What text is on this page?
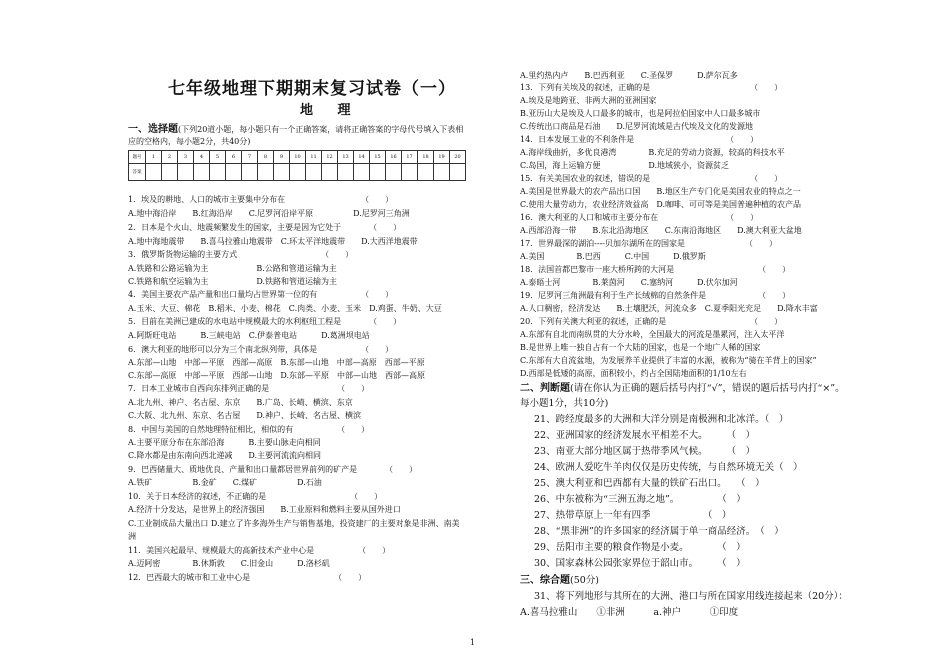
七年级地理下期期末复习试卷（一）
地 理
一、选择题(下列20道小题，每小题只有一个正确答案，请将正确答案的字母代号填入下表相
应的空格内，每小题2分，共40分)
题号	1	2	3	4	5	6	7	8	9	10	11	12	13	14	15	16	17	18	19	20
答案																				
1．埃及的耕地、人口的城市主要集中分布在　　　　　　　　　　（　　）
A.地中海沿岸　　B.红海沿岸　　C.尼罗河沿岸平原　　　　　D.尼罗河三角洲
2．日本是个火山、地震频繁发生的国家，主要是因为它处于　　　　（　　）
A.地中海地震带　　B.喜马拉雅山地震带　C.环太平洋地震带　　D.大西洋地震带
3．俄罗斯货物运输的主要方式　　　　　　　　　　　（　　）
A.铁路和公路运输为主　　　　　　B.公路和管道运输为主
C.铁路和航空运输为主　　　　　　D.铁路和管道运输为主
4．美国主要农产品产量和出口量均占世界第一位的有　　　　　　（　　）
A.玉米、大豆、棉花　B.稻米、小麦、棉花　C.肉类、小麦、玉米　D.鸡蛋、牛奶、大豆
5．目前在美洲已建成的水电站中规模最大的水利枢纽工程是　　　　（　　）
A.阿斯旺电站　　　B.三峡电站　C.伊泰普电站　　　D.葛洲坝电站
6．澳大利亚的地形可以分为三个南北纵列带，具体是　　　　　　（　　）
A.东部—山地　中部—平原　西部—高原　B.东部—山地　中部—高原　西部—平原
C.东部—高原　中部—平原　西部—山地　D.东部—平原　中部—山地　西部—高原
7．日本工业城市自西向东排列正确的是　　　　　　　　　（　　）
A.北九州、神户、名古屋、东京　　B.广岛、长崎、横滨、东京
C.大阪、北九州、东京、名古屋　　D.神户、长崎、名古屋、横滨
8．中国与美国的自然地理特征相比，相似的有　　　　　　（　　）
A.主要平原分布在东部沿海　　　B.主要山脉走向相同
C.降水都是由东南向西北递减　　D.主要河流流向相同
9．巴西储量大、质地优良、产量和出口量都居世界前列的矿产是　　　　（　　）
A.铁矿　　　　　B.金矿　　C.煤矿　　　　　D.石油
10．关于日本经济的叙述，不正确的是　　　　　　　　　　　（　　）
A.经济十分发达，是世界上的经济强国　　B.工业原料和燃料主要从国外进口
C.工业制成品大量出口 D.建立了许多海外生产与销售基地，投资建厂的主要对象是非洲、南美
洲
11．美国兴起最早、规模最大的高新技术产业中心是　　　　　　（　　）
A.迈阿密　　　　B.休斯敦　　C.旧金山　　　D.洛杉矶
12．巴西最大的城市和工业中心是　　　　　　　　　　　（　　）
A.里约热内卢　　B.巴西利亚　　C.圣保罗　　　D.萨尔瓦多
13．下列有关埃及的叙述，正确的是　　　　　　　　　　　　　（　　）
A.埃及是地跨亚、非两大洲的亚洲国家
B.亚历山大是埃及人口最多的城市，也是阿拉伯国家中人口最多城市
C.传统出口商品是石油　　D.尼罗河流域是古代埃及文化的发源地
14．日本发展工业的不利条件是　　　　　　　　　　　　（　　）
A.海岸线曲折，多优良港湾　　　　B.充足的劳动力资源，较高的科技水平
C.岛国，海上运输方便　　　　　　D.地域狭小，资源贫乏
15．有关美国农业的叙述，错误的是　　　　　　　　　　　　　（　　）
A.美国是世界最大的农产品出口国　　B.地区生产专门化是美国农业的特点之一
C.使用大量劳动力，农业经济效益高　D.咖啡、可可等是美国普遍种植的农产品
16．澳大利亚的人口和城市主要分布在　　　　　　　　　（　　）
A.西部沿海一带　　B.东北沿海地区　　C.东南沿海地区　　D.澳大利亚大盆地
17．世界最深的湖泊----贝加尔湖所在的国家是　　　　　　　　（　　）
A.美国　　　　B.巴西　　　C.中国　　　D.俄罗斯
18．法国首都巴黎市一座大桥所跨的大河是　　　　　　　　　　　（　　）
A.泰晤士河　　　　B.莱茵河　　C.塞纳河　　　D.伏尔加河
19．尼罗河三角洲最有利于生产长绒棉的自然条件是　　　　　　　（　　）
A.人口稠密，经济发达　　B.土壤肥沃，河流众多　C.夏季阳光充足　　D.降水丰富
20．下列有关澳大利亚的叙述，正确的是　　　　　　　　　　　（　　）
A.东部有自北而南纵贯的大分水岭，全国最大的河流是墨累河，注入太平洋
B.是世界上唯一独自占有一个大陆的国家，也是一个地广人稀的国家
C.东部有大自流盆地，为发展养羊业提供了丰富的水源，被称为“骑在羊背上的国家”
D.西部是低矮的高原，面积较小，约占全国陆地面积的1/10左右
二、判断题(请在你认为正确的题后括号内打“√”，错误的题后括号内打“×”。
每小题1分，共10分)
21、跨经度最多的大洲和大洋分别是南极洲和北冰洋。（　）
22、亚洲国家的经济发展水平相差不大。　　　（　）
23、南亚大部分地区属于热带季风气候。　　　（　）
24、欧洲人爱吃牛羊肉仅仅是历史传统，与自然环境无关（　）
25、澳大利亚和巴西都有大量的铁矿石出口。　　（　）
26、中东被称为“三洲五海之地”。　　　　　（　）
27、热带草原上一年有四季　　　　　　（　）
28、“黑非洲”的许多国家的经济属于单一商品经济。　（　）
29、岳阳市主要的粮食作物是小麦。　　　　（　）
30、国家森林公园张家界位于韶山市。　　　（　）
三、综合题(50分)
31、将下列地形与其所在的大洲、港口与所在国家用线连接起来（20分）：
A.喜马拉雅山　　①非洲　　　a.神户　　　①印度
1
